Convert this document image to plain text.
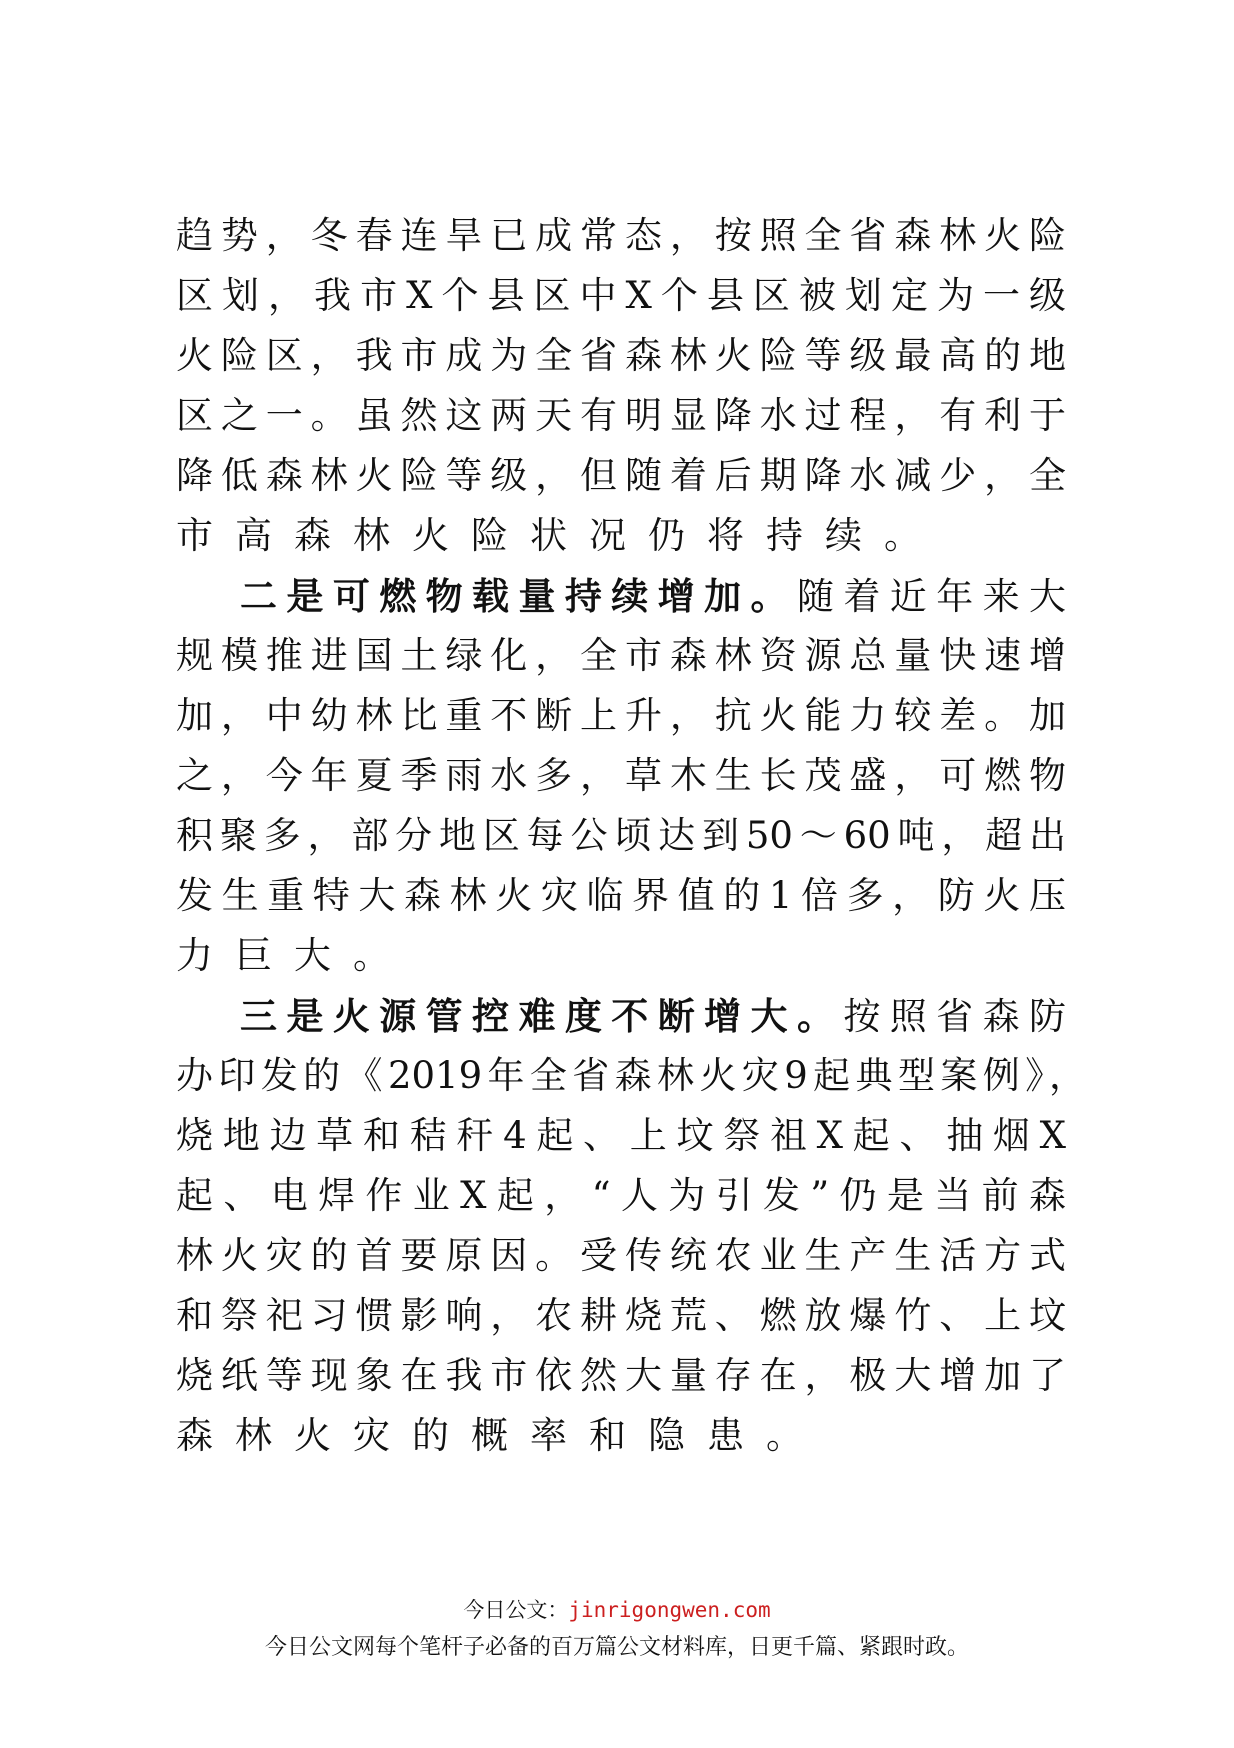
趋势，冬春连旱已成常态，按照全省森林火险
区划，我市X个县区中X个县区被划定为一级
火险区，我市成为全省森林火险等级最高的地
区之一。虽然这两天有明显降水过程，有利于
降低森林火险等级，但随着后期降水减少，全
市高森林火险状况仍将持续。
二是可燃物载量持续增加。随着近年来大
规模推进国土绿化，全市森林资源总量快速增
加，中幼林比重不断上升，抗火能力较差。加
之，今年夏季雨水多，草木生长茂盛，可燃物
积聚多，部分地区每公顷达到50～60吨，超出
发生重特大森林火灾临界值的1倍多，防火压
力巨大。
三是火源管控难度不断增大。按照省森防
办印发的《2019年全省森林火灾9起典型案例》，
烧地边草和秸秆4起、上坟祭祖X起、抽烟X
起、电焊作业X起，“人为引发”仍是当前森
林火灾的首要原因。受传统农业生产生活方式
和祭祀习惯影响，农耕烧荒、燃放爆竹、上坟
烧纸等现象在我市依然大量存在，极大增加了
森林火灾的概率和隐患。
今日公文：jinrigongwen.com
今日公文网每个笔杆子必备的百万篇公文材料库，日更千篇、紧跟时政。
